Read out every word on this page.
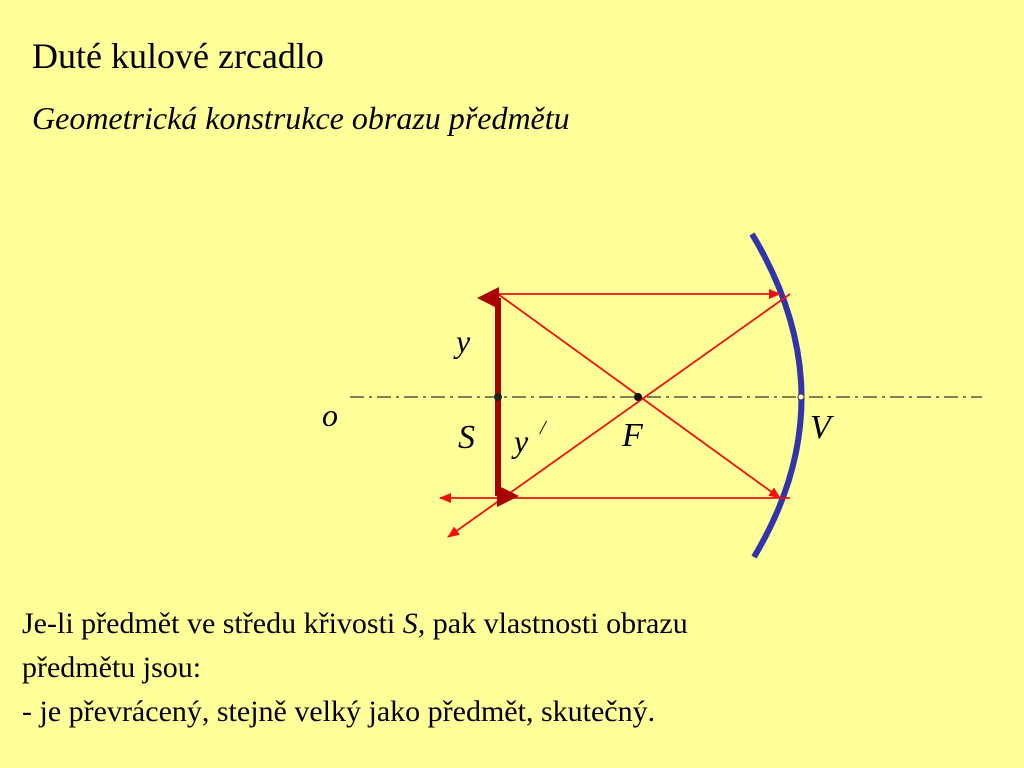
Duté kulové zrcadlo
Geometrická konstrukce obrazu předmětu
o
y
S y / F	V
Je-li předmět ve středu křivosti S, pak vlastnosti obrazu
předmětu jsou:
- je převrácený, stejně velký jako předmět, skutečný.
